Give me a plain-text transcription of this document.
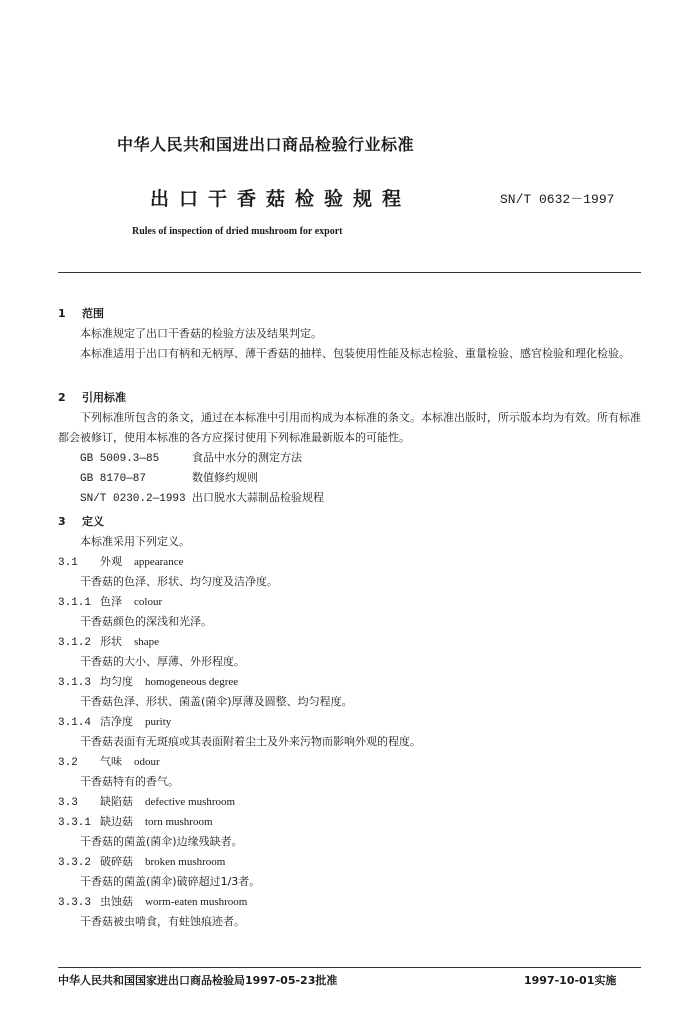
中华人民共和国进出口商品检验行业标准
出口干香菇检验规程	SN/T 0632－1997
Rules of inspection of dried mushroom for export
1 范围
本标准规定了出口干香菇的检验方法及结果判定。
本标准适用于出口有柄和无柄厚、薄干香菇的抽样、包装使用性能及标志检验、重量检验、感官检验和理化检验。
2 引用标准
下列标准所包含的条文，通过在本标准中引用而构成为本标准的条文。本标准出版时，所示版本均为有效。所有标准都会被修订，使用本标准的各方应探讨使用下列标准最新版本的可能性。
GB 5009.3—85	食品中水分的测定方法
GB 8170—87	数值修约规则
SN/T 0230.2—1993 出口脱水大蒜制品检验规程
3 定义
本标准采用下列定义。
3.1 外观 appearance
干香菇的色泽、形状、均匀度及洁净度。
3.1.1 色泽 colour
干香菇颜色的深浅和光泽。
3.1.2 形状 shape
干香菇的大小、厚薄、外形程度。
3.1.3 均匀度 homogeneous degree
干香菇色泽、形状、菌盖(菌伞)厚薄及圆整、均匀程度。
3.1.4 洁净度 purity
干香菇表面有无斑痕或其表面附着尘土及外来污物而影响外观的程度。
3.2 气味 odour
干香菇特有的香气。
3.3 缺陷菇 defective mushroom
3.3.1 缺边菇 torn mushroom
干香菇的菌盖(菌伞)边缘残缺者。
3.3.2 破碎菇 broken mushroom
干香菇的菌盖(菌伞)破碎超过1/3者。
3.3.3 虫蚀菇 worm-eaten mushroom
干香菇被虫啃食，有蛀蚀痕迹者。
中华人民共和国国家进出口商品检验局1997-05-23批准	1997-10-01实施
